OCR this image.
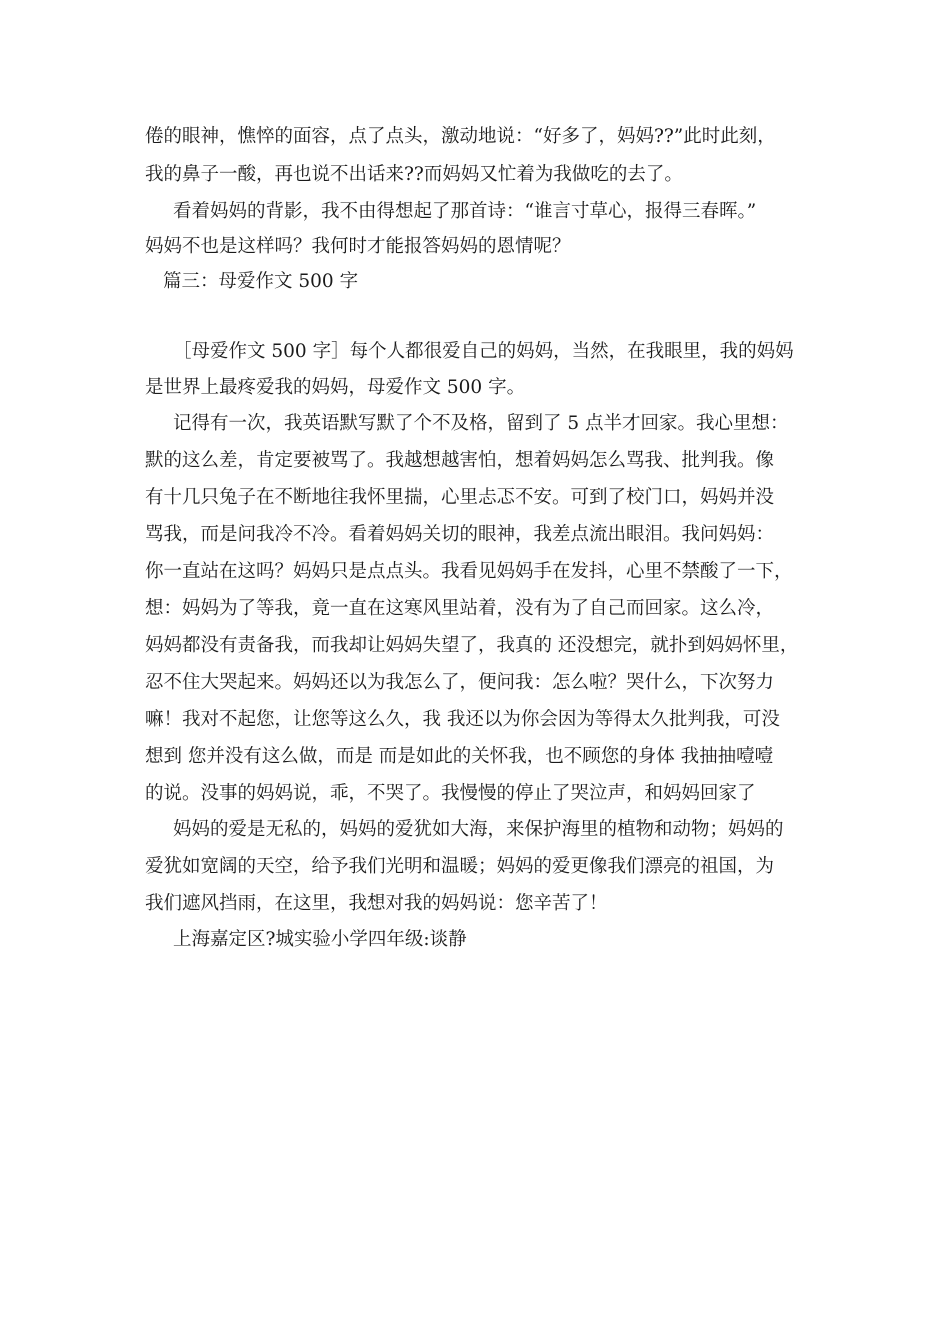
倦的眼神，憔悴的面容，点了点头，激动地说：“好多了，妈妈??”此时此刻，
我的鼻子一酸，再也说不出话来??而妈妈又忙着为我做吃的去了。
看着妈妈的背影，我不由得想起了那首诗：“谁言寸草心，报得三春晖。”
妈妈不也是这样吗？我何时才能报答妈妈的恩情呢？
篇三：母爱作文 500 字
［母爱作文 500 字］每个人都很爱自己的妈妈，当然，在我眼里，我的妈妈
是世界上最疼爱我的妈妈，母爱作文 500 字。
记得有一次，我英语默写默了个不及格，留到了 5 点半才回家。我心里想：
默的这么差，肯定要被骂了。我越想越害怕，想着妈妈怎么骂我、批判我。像
有十几只兔子在不断地往我怀里揣，心里忐忑不安。可到了校门口，妈妈并没
骂我，而是问我冷不冷。看着妈妈关切的眼神，我差点流出眼泪。我问妈妈：
你一直站在这吗？妈妈只是点点头。我看见妈妈手在发抖，心里不禁酸了一下，
想：妈妈为了等我，竟一直在这寒风里站着，没有为了自己而回家。这么冷，
妈妈都没有责备我，而我却让妈妈失望了，我真的 还没想完，就扑到妈妈怀里，
忍不住大哭起来。妈妈还以为我怎么了，便问我：怎么啦？哭什么，下次努力
嘛！我对不起您，让您等这么久，我 我还以为你会因为等得太久批判我，可没
想到 您并没有这么做，而是 而是如此的关怀我，也不顾您的身体 我抽抽噎噎
的说。没事的妈妈说，乖，不哭了。我慢慢的停止了哭泣声，和妈妈回家了
妈妈的爱是无私的，妈妈的爱犹如大海，来保护海里的植物和动物；妈妈的
爱犹如宽阔的天空，给予我们光明和温暖；妈妈的爱更像我们漂亮的祖国，为
我们遮风挡雨，在这里，我想对我的妈妈说：您辛苦了！
上海嘉定区?城实验小学四年级:谈静
